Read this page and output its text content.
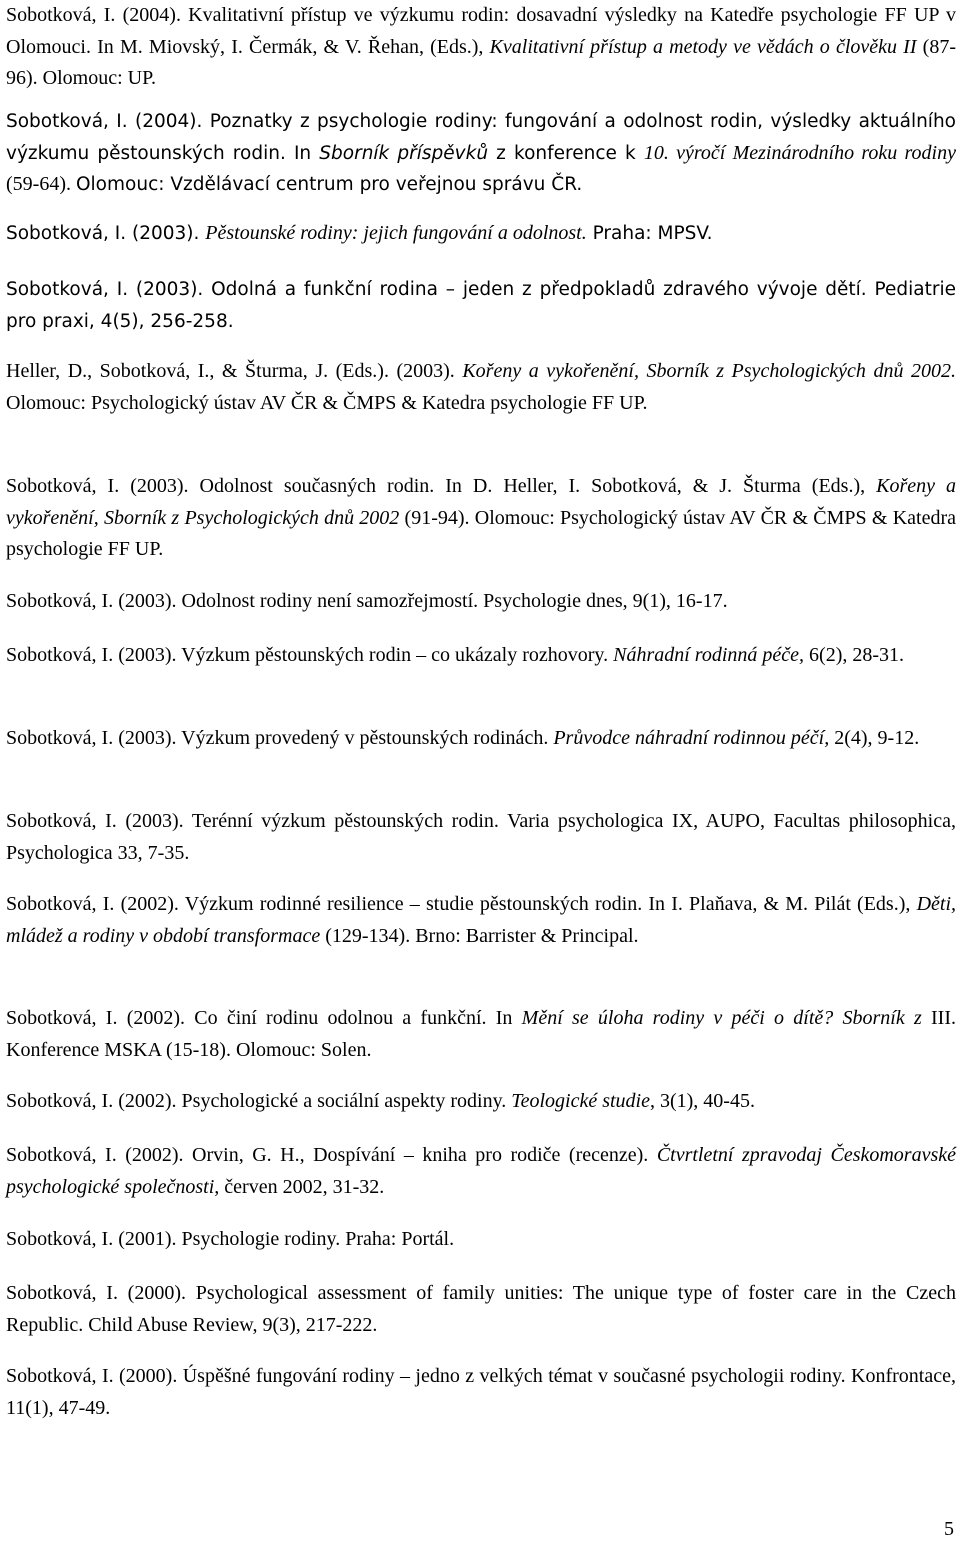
Sobotková, I. (2004). Kvalitativní přístup ve výzkumu rodin: dosavadní výsledky na Katedře psychologie FF UP v Olomouci. In M. Miovský, I. Čermák, & V. Řehan, (Eds.), Kvalitativní přístup a metody ve vědách o člověku II (87-96). Olomouc: UP.

Sobotková, I. (2004). Poznatky z psychologie rodiny: fungování a odolnost rodin, výsledky aktuálního výzkumu pěstounských rodin. In Sborník příspěvků z konference k 10. výročí Mezinárodního roku rodiny (59-64). Olomouc: Vzdělávací centrum pro veřejnou správu ČR.

Sobotková, I. (2003). Pěstounské rodiny: jejich fungování a odolnost. Praha: MPSV.

Sobotková, I. (2003). Odolná a funkční rodina – jeden z předpokladů zdravého vývoje dětí. Pediatrie pro praxi, 4(5), 256-258.

Heller, D., Sobotková, I., & Šturma, J. (Eds.). (2003). Kořeny a vykořenění, Sborník z Psychologických dnů 2002. Olomouc: Psychologický ústav AV ČR & ČMPS & Katedra psychologie FF UP.

Sobotková, I. (2003). Odolnost současných rodin. In D. Heller, I. Sobotková, & J. Šturma (Eds.), Kořeny a vykořenění, Sborník z Psychologických dnů 2002 (91-94). Olomouc: Psychologický ústav AV ČR & ČMPS & Katedra psychologie FF UP.

Sobotková, I. (2003). Odolnost rodiny není samozřejmostí. Psychologie dnes, 9(1), 16-17.

Sobotková, I. (2003). Výzkum pěstounských rodin – co ukázaly rozhovory. Náhradní rodinná péče, 6(2), 28-31.

Sobotková, I. (2003). Výzkum provedený v pěstounských rodinách. Průvodce náhradní rodinnou péčí, 2(4), 9-12.

Sobotková, I. (2003). Terénní výzkum pěstounských rodin. Varia psychologica IX, AUPO, Facultas philosophica, Psychologica 33, 7-35.

Sobotková, I. (2002). Výzkum rodinné resilience – studie pěstounských rodin. In I. Plaňava, & M. Pilát (Eds.), Děti, mládež a rodiny v období transformace (129-134). Brno: Barrister & Principal.

Sobotková, I. (2002). Co činí rodinu odolnou a funkční. In Mění se úloha rodiny v péči o dítě? Sborník z III. Konference MSKA (15-18). Olomouc: Solen.

Sobotková, I. (2002). Psychologické a sociální aspekty rodiny. Teologické studie, 3(1), 40-45.

Sobotková, I. (2002). Orvin, G. H., Dospívání – kniha pro rodiče (recenze). Čtvrtletní zpravodaj Českomoravské psychologické společnosti, červen 2002, 31-32.

Sobotková, I. (2001). Psychologie rodiny. Praha: Portál.

Sobotková, I. (2000). Psychological assessment of family unities: The unique type of foster care in the Czech Republic. Child Abuse Review, 9(3), 217-222.

Sobotková, I. (2000). Úspěšné fungování rodiny – jedno z velkých témat v současné psychologii rodiny. Konfrontace, 11(1), 47-49.

5
